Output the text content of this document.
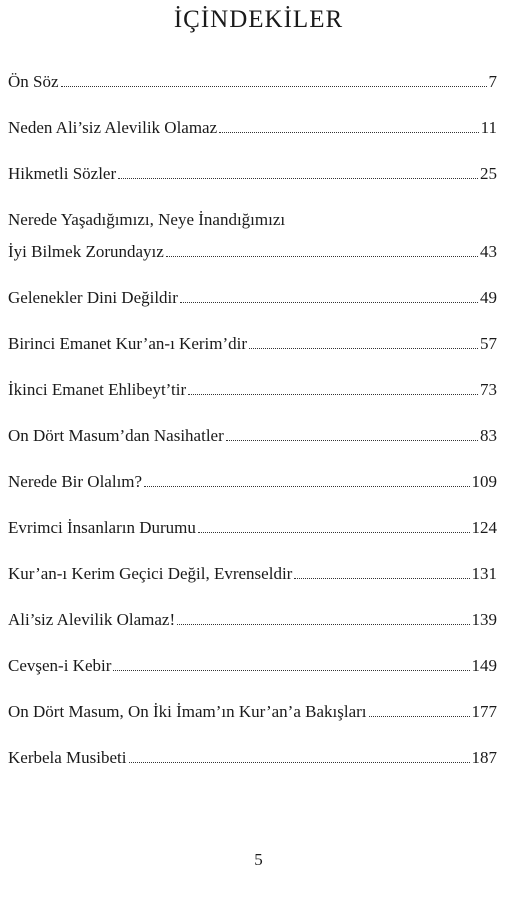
İÇİNDEKİLER
Ön Söz	7
Neden Ali’siz Alevilik Olamaz	11
Hikmetli Sözler	25
Nerede Yaşadığımızı, Neye İnandığımızı
İyi Bilmek Zorundayız	43
Gelenekler Dini Değildir	49
Birinci Emanet Kur’an-ı Kerim’dir	57
İkinci Emanet Ehlibeyt’tir	73
On Dört Masum’dan Nasihatler	83
Nerede Bir Olalım?	109
Evrimci İnsanların Durumu	124
Kur’an-ı Kerim Geçici Değil, Evrenseldir	131
Ali’siz Alevilik Olamaz!	139
Cevşen-i Kebir	149
On Dört Masum, On İki İmam’ın Kur’an’a Bakışları	177
Kerbela Musibeti	187
5
